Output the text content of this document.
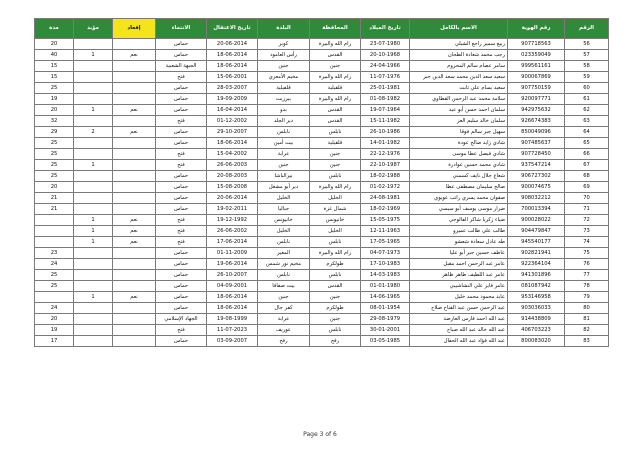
الرقم	رقم الهوية	الاسم بالكامل	تاريخ الميلاد	المحافظة	البلدة	تاريخ الاعتقال	الانتماء	إفعاد	مؤبد	مدة
56	907718563	ربيع سمير راجع الشيلي	23-07-1980	رام الله والبيرة	كوبر	20-06-2014	حماس			20
57	023359049	رجب محمد شعادة الطحان	20-10-1968	القدس	رأس العامود	18-06-2014	حماس	نعم	1	40
58	999561161	سامر عصام سالم المحروم	24-04-1966	جنين	جنين	18-06-2014	الجبهة الشعبية			15
59	900067869	سعيد سعد الدين محمد سعد الدين جبر	11-07-1976	رام الله والبيرة	مخيم الأمعري	15-06-2001	فتح			15
60	907750159	سعيد بسام علي ثابت	25-01-1981	قلقيلية	قلقيلية	28-03-2007	حماس			25
61	920097771	سلامة محمد عبد الرحمن القطاوي	01-08-1982	رام الله والبيرة	بيرزيت	19-09-2009	حماس			19
62	942975632	سلمان احمد حسن أبو عيد	19-07-1964	القدس	بدو	16-04-2014	حماس	نعم	1	20
63	926674383	سلمان خالد سليم العز	15-11-1982	القدس	دير الجلد	01-12-2002	فتح			32
64	850049096	سهيل جبر سالم فوقا	26-10-1986	نابلس	نابلس	29-10-2007	حماس	نعم	2	29
65	907485637	شادي زايد صالح عودة	14-01-1982	قلقيلية	بيت أمين	18-06-2014	حماس			25
66	907728450	شادي فيصل عطا موسى	22-12-1976	جنين	عرابة	15-04-2002	فتح			25
67	937547214	شادي محمد حسين غوادرة	22-10-1987	جنين	جنين	26-06-2003	فتح		1	25
68	906727302	شعاع جلال نايف كسمني	18-02-1988	نابلس	بيرالباشا	20-08-2003	حماس			25
69	900074675	صالح سليمان مصطفى عطا	01-02-1972	رام الله والبيرة	دير أبو مشعل	15-08-2008	حماس			20
70	908032212	صفوان محمد يسري راتب عويوي	24-08-1981	الخليل	الخليل	20-06-2014	حماس			21
71	700013394	ضرار موسى يوسف أبو سيسي	18-02-1969	شمال غزة	جباليا	19-02-2011	حماس			21
72	900028022	ضياء زكريا شاكر الفالوجي	15-05-1975	خانيونس	خانيونس	19-12-1992	فتح	نعم	1	
73	904479847	طالب علي طالب عميرو	12-11-1963	الخليل	الخليل	26-06-2002	فتح	نعم	1	
74	945540177	طه عادل سعادة شعشو	17-05-1965	نابلس	نابلس	17-06-2014	فتح	نعم	1	
75	902821941	عاطف حسين جبر أبو عليا	04-07-1973	رام الله والبيرة	المغير	01-11-2009	حماس			23
76	922364104	عامر عبد الرحمن احمد مقبل	17-10-1983	طولكرم	مخيم نور شمس	19-06-2014	حماس			24
77	941301896	عامر عبد اللطيف طاهر ظاهر	14-03-1983	نابلس	نابلس	26-10-2007	حماس			25
78	081087942	عامر فايز علي النشاشيبي	01-01-1980	القدس	بيت صفافا	04-09-2001	حماس			25
79	953146958	عايد محمود محمد خليل	14-06-1965	جنين	جنين	18-06-2014	حماس	نعم	1	
80	903036033	عبد الرحمن حسن عبد الفتاح صلاح	08-01-1954	طولكرم	كفر جال	18-06-2014	حماس			24
81	914438809	عبد الله احمد فارس العارضة	29-08-1979	جنين	عرابة	19-08-1999	الجهاد الإسلامي			20
82	406703223	عبد الله خالد عبد الله صباح	30-01-2001	نابلس	عوريف	11-07-2023	فتح			19
83	800083020	عبد الله فؤاد عبد الله الحفال	03-05-1985	رفح	رفح	03-09-2007	حماس			17
Page 3 of 6
